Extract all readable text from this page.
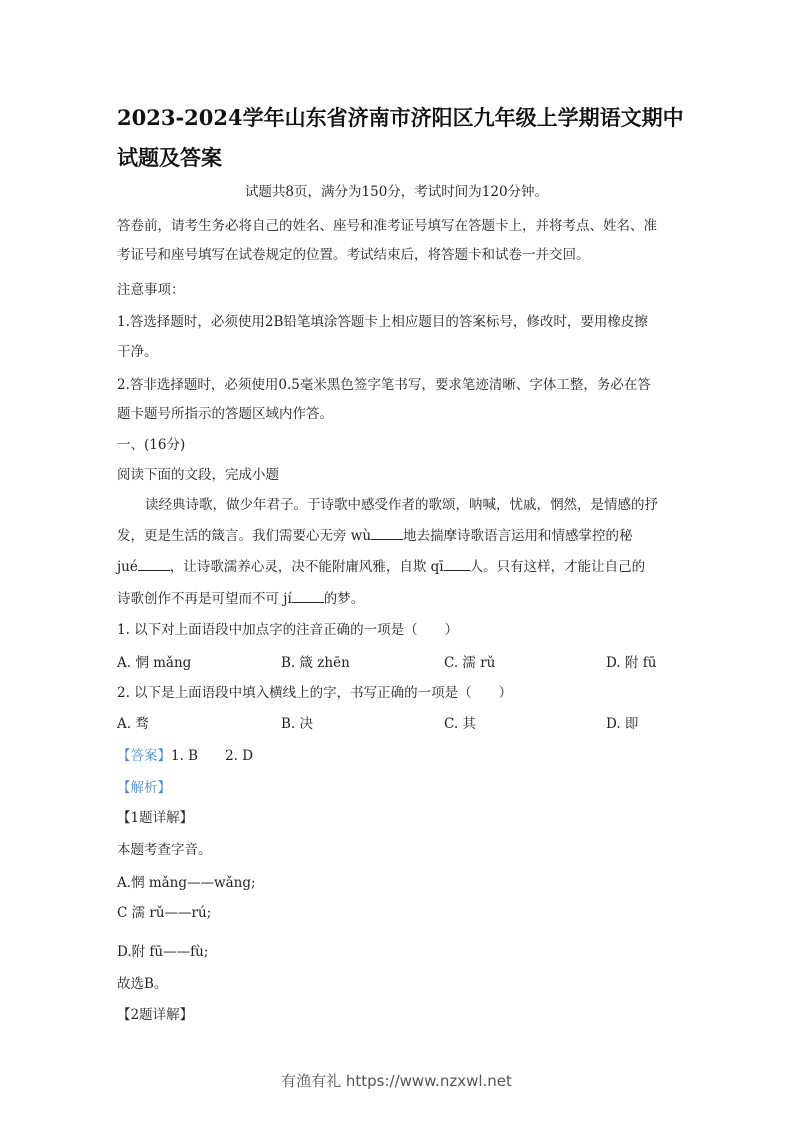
2023-2024学年山东省济南市济阳区九年级上学期语文期中
试题及答案
试题共8页，满分为150分，考试时间为120分钟。
答卷前，请考生务必将自己的姓名、座号和准考证号填写在答题卡上，并将考点、姓名、准
考证号和座号填写在试卷规定的位置。考试结束后，将答题卡和试卷一并交回。
注意事项：
1.答选择题时，必须使用2B铅笔填涂答题卡上相应题目的答案标号，修改时，要用橡皮擦
干净。
2.答非选择题时，必须使用0.5毫米黑色签字笔书写，要求笔迹清晰、字体工整，务必在答
题卡题号所指示的答题区域内作答。
一、(16分)
阅读下面的文段，完成小题
读经典诗歌，做少年君子。于诗歌中感受作者的歌颂，呐喊，忧戚，惘然，是情感的抒
发，更是生活的箴言。我们需要心无旁 wù 地去揣摩诗歌语言运用和情感掌控的秘
jué ，让诗歌濡养心灵，决不能附庸风雅，自欺 qī 人。只有这样，才能让自己的
诗歌创作不再是可望而不可 jí 的梦。
1. 以下对上面语段中加点字的注音正确的一项是（　　）
A. 惘 mǎng	B. 箴 zhēn	C. 濡 rǔ	D. 附 fū
2. 以下是上面语段中填入横线上的字，书写正确的一项是（　　）
A. 骛	B. 决	C. 其	D. 即
【答案】1. B　　2. D
【解析】
【1题详解】
本题考查字音。
A.惘 mǎng——wǎng;
C 濡 rǔ——rú;
D.附 fū——fù;
故选B。
【2题详解】
有渔有礼 https://www.nzxwl.net
